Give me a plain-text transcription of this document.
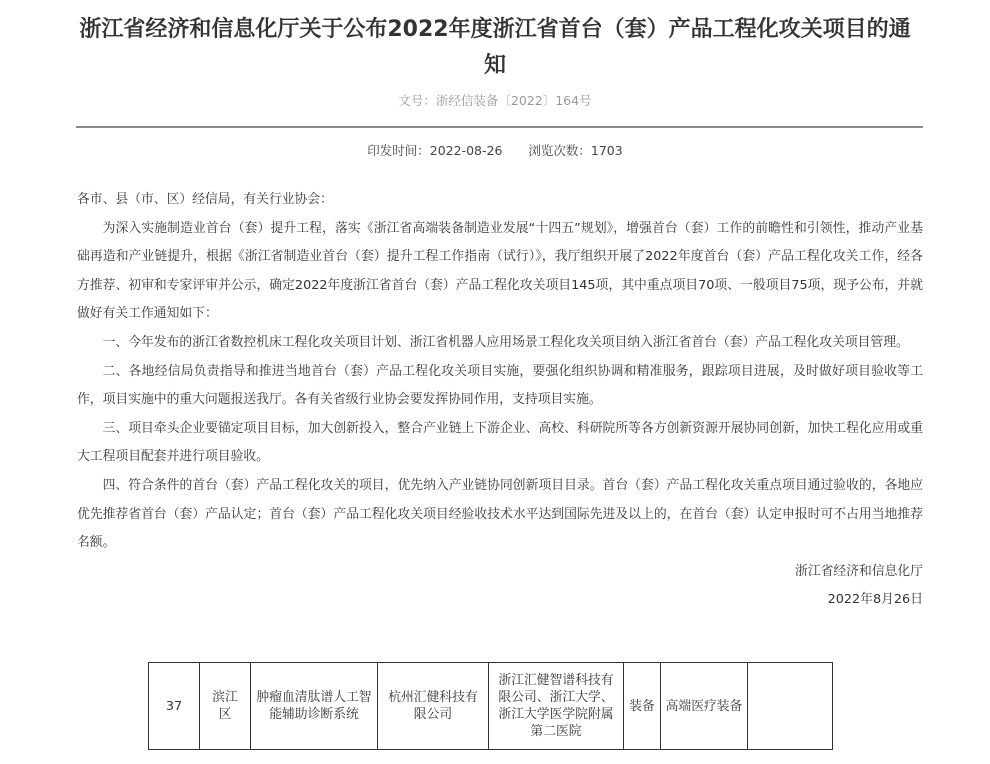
浙江省经济和信息化厅关于公布2022年度浙江省首台（套）产品工程化攻关项目的通知
文号：浙经信装备〔2022〕164号
印发时间：2022-08-26 浏览次数：1703

各市、县（市、区）经信局，有关行业协会：

为深入实施制造业首台（套）提升工程，落实《浙江省高端装备制造业发展“十四五”规划》，增强首台（套）工作的前瞻性和引领性，推动产业基础再造和产业链提升，根据《浙江省制造业首台（套）提升工程工作指南（试行）》，我厅组织开展了2022年度首台（套）产品工程化攻关工作，经各方推荐、初审和专家评审并公示，确定2022年度浙江省首台（套）产品工程化攻关项目145项，其中重点项目70项、一般项目75项，现予公布，并就做好有关工作通知如下：

一、今年发布的浙江省数控机床工程化攻关项目计划、浙江省机器人应用场景工程化攻关项目纳入浙江省首台（套）产品工程化攻关项目管理。

二、各地经信局负责指导和推进当地首台（套）产品工程化攻关项目实施，要强化组织协调和精准服务，跟踪项目进展，及时做好项目验收等工作，项目实施中的重大问题报送我厅。各有关省级行业协会要发挥协同作用，支持项目实施。

三、项目牵头企业要锚定项目目标，加大创新投入，整合产业链上下游企业、高校、科研院所等各方创新资源开展协同创新，加快工程化应用或重大工程项目配套并进行项目验收。

四、符合条件的首台（套）产品工程化攻关的项目，优先纳入产业链协同创新项目目录。首台（套）产品工程化攻关重点项目通过验收的，各地应优先推荐省首台（套）产品认定；首台（套）产品工程化攻关项目经验收技术水平达到国际先进及以上的，在首台（套）认定申报时可不占用当地推荐名额。

浙江省经济和信息化厅

2022年8月26日

37	滨江区	肿瘤血清肽谱人工智能辅助诊断系统	杭州汇健科技有限公司	浙江汇健智谱科技有限公司、浙江大学、浙江大学医学院附属第二医院	装备	高端医疗装备	
